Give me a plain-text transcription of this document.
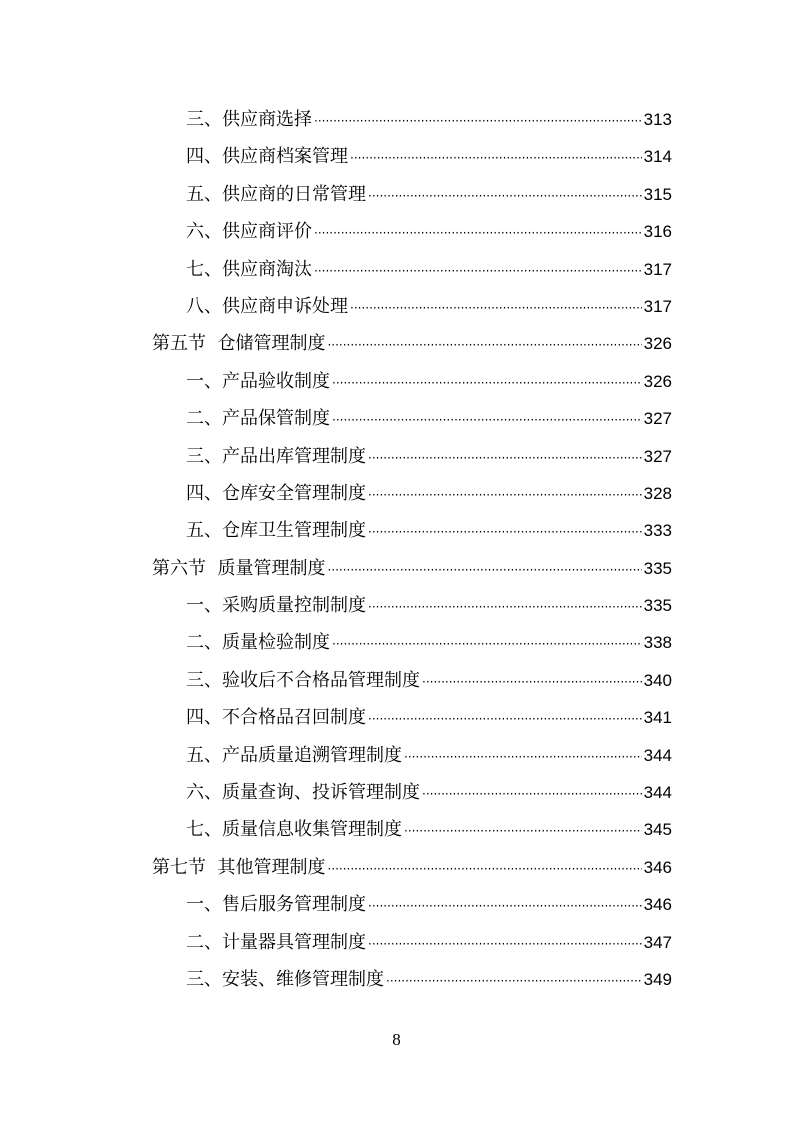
三、供应商选择 ·····	313
四、供应商档案管理 ·····	314
五、供应商的日常管理 ·····	315
六、供应商评价 ·····	316
七、供应商淘汰 ·····	317
八、供应商申诉处理 ·····	317
第五节  仓储管理制度 ·····	326
一、产品验收制度 ·····	326
二、产品保管制度 ·····	327
三、产品出库管理制度 ·····	327
四、仓库安全管理制度 ·····	328
五、仓库卫生管理制度 ·····	333
第六节  质量管理制度 ·····	335
一、采购质量控制制度 ·····	335
二、质量检验制度 ·····	338
三、验收后不合格品管理制度 ·····	340
四、不合格品召回制度 ·····	341
五、产品质量追溯管理制度 ·····	344
六、质量查询、投诉管理制度 ·····	344
七、质量信息收集管理制度 ·····	345
第七节  其他管理制度 ·····	346
一、售后服务管理制度 ·····	346
二、计量器具管理制度 ·····	347
三、安装、维修管理制度 ·····	349
8
